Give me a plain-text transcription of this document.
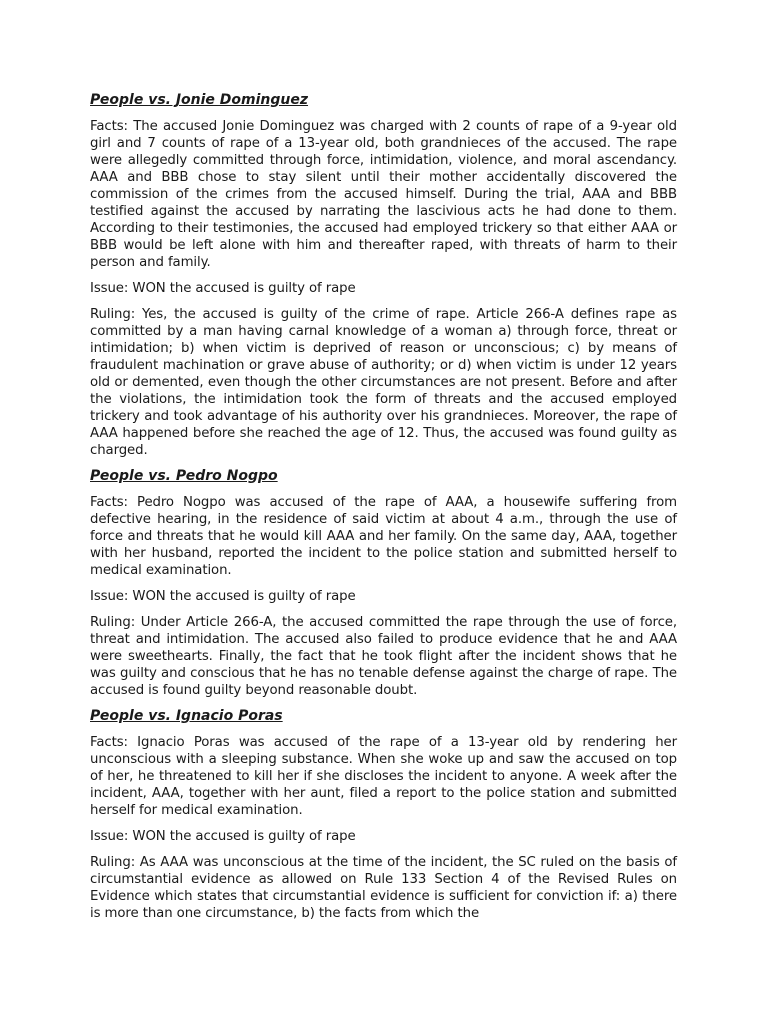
People vs. Jonie Dominguez

Facts: The accused Jonie Dominguez was charged with 2 counts of rape of a 9-year old girl and 7 counts of rape of a 13-year old, both grandnieces of the accused. The rape were allegedly committed through force, intimidation, violence, and moral ascendancy. AAA and BBB chose to stay silent until their mother accidentally discovered the commission of the crimes from the accused himself. During the trial, AAA and BBB testified against the accused by narrating the lascivious acts he had done to them. According to their testimonies, the accused had employed trickery so that either AAA or BBB would be left alone with him and thereafter raped, with threats of harm to their person and family.

Issue: WON the accused is guilty of rape

Ruling: Yes, the accused is guilty of the crime of rape. Article 266-A defines rape as committed by a man having carnal knowledge of a woman a) through force, threat or intimidation; b) when victim is deprived of reason or unconscious; c) by means of fraudulent machination or grave abuse of authority; or d) when victim is under 12 years old or demented, even though the other circumstances are not present. Before and after the violations, the intimidation took the form of threats and the accused employed trickery and took advantage of his authority over his grandnieces. Moreover, the rape of AAA happened before she reached the age of 12. Thus, the accused was found guilty as charged.

People vs. Pedro Nogpo

Facts: Pedro Nogpo was accused of the rape of AAA, a housewife suffering from defective hearing, in the residence of said victim at about 4 a.m., through the use of force and threats that he would kill AAA and her family. On the same day, AAA, together with her husband, reported the incident to the police station and submitted herself to medical examination.

Issue: WON the accused is guilty of rape

Ruling: Under Article 266-A, the accused committed the rape through the use of force, threat and intimidation. The accused also failed to produce evidence that he and AAA were sweethearts. Finally, the fact that he took flight after the incident shows that he was guilty and conscious that he has no tenable defense against the charge of rape. The accused is found guilty beyond reasonable doubt.

People vs. Ignacio Poras

Facts: Ignacio Poras was accused of the rape of a 13-year old by rendering her unconscious with a sleeping substance. When she woke up and saw the accused on top of her, he threatened to kill her if she discloses the incident to anyone. A week after the incident, AAA, together with her aunt, filed a report to the police station and submitted herself for medical examination.

Issue: WON the accused is guilty of rape

Ruling: As AAA was unconscious at the time of the incident, the SC ruled on the basis of circumstantial evidence as allowed on Rule 133 Section 4 of the Revised Rules on Evidence which states that circumstantial evidence is sufficient for conviction if: a) there is more than one circumstance, b) the facts from which the
